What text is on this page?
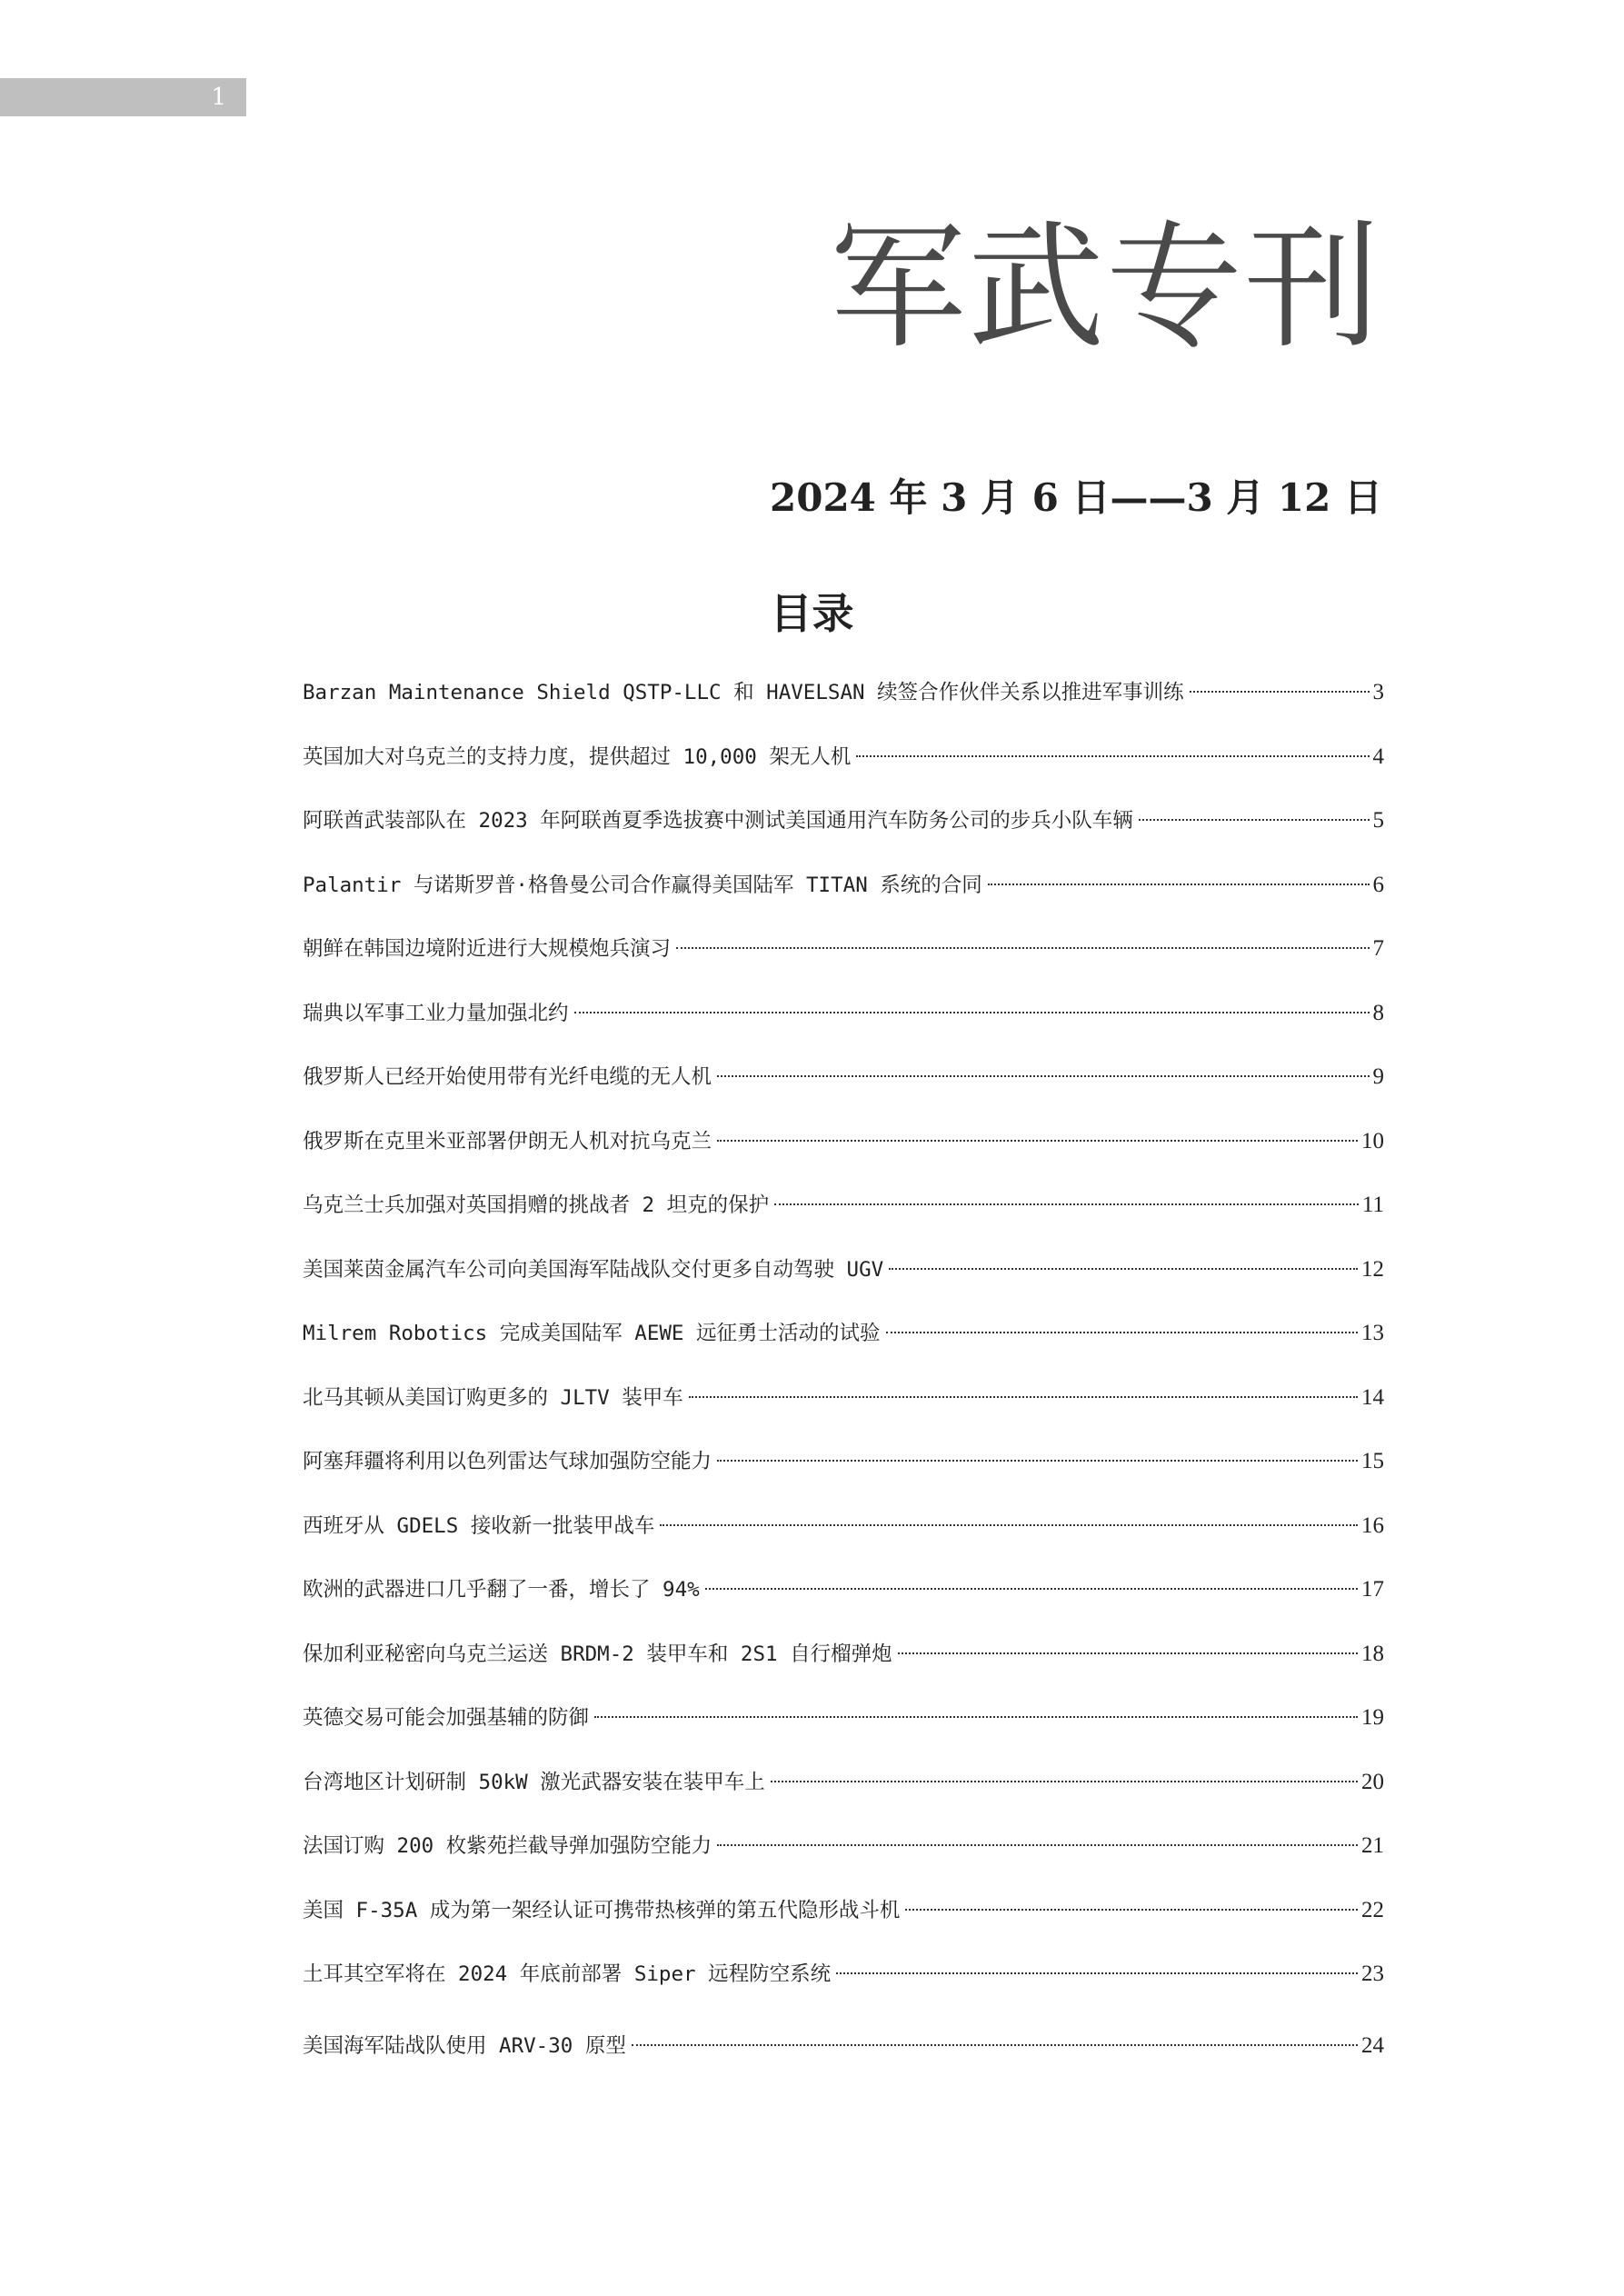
1
军武专刊
2024 年 3 月 6 日——3 月 12 日
目录
Barzan Maintenance Shield QSTP-LLC 和 HAVELSAN 续签合作伙伴关系以推进军事训练	3
英国加大对乌克兰的支持力度，提供超过 10,000 架无人机	4
阿联酋武装部队在 2023 年阿联酋夏季选拔赛中测试美国通用汽车防务公司的步兵小队车辆	5
Palantir 与诺斯罗普·格鲁曼公司合作赢得美国陆军 TITAN 系统的合同	6
朝鲜在韩国边境附近进行大规模炮兵演习	7
瑞典以军事工业力量加强北约	8
俄罗斯人已经开始使用带有光纤电缆的无人机	9
俄罗斯在克里米亚部署伊朗无人机对抗乌克兰	10
乌克兰士兵加强对英国捐赠的挑战者 2 坦克的保护	11
美国莱茵金属汽车公司向美国海军陆战队交付更多自动驾驶 UGV	12
Milrem Robotics 完成美国陆军 AEWE 远征勇士活动的试验	13
北马其顿从美国订购更多的 JLTV 装甲车	14
阿塞拜疆将利用以色列雷达气球加强防空能力	15
西班牙从 GDELS 接收新一批装甲战车	16
欧洲的武器进口几乎翻了一番，增长了 94%	17
保加利亚秘密向乌克兰运送 BRDM-2 装甲车和 2S1 自行榴弹炮	18
英德交易可能会加强基辅的防御	19
台湾地区计划研制 50kW 激光武器安装在装甲车上	20
法国订购 200 枚紫苑拦截导弹加强防空能力	21
美国 F-35A 成为第一架经认证可携带热核弹的第五代隐形战斗机	22
土耳其空军将在 2024 年底前部署 Siper 远程防空系统	23
美国海军陆战队使用 ARV-30 原型	24
